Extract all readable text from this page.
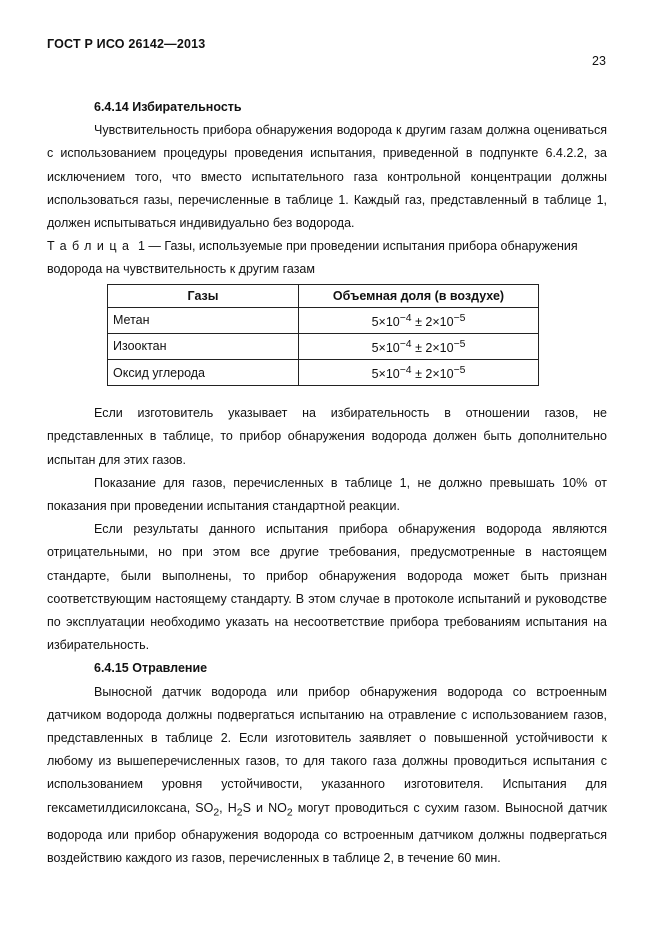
ГОСТ Р ИСО 26142—2013
23
6.4.14 Избирательность

Чувствительность прибора обнаружения водорода к другим газам должна оцениваться с использованием процедуры проведения испытания, приведенной в подпункте 6.4.2.2, за исключением того, что вместо испытательного газа контрольной концентрации должны использоваться газы, перечисленные в таблице 1. Каждый газ, представленный в таблице 1, должен испытываться индивидуально без водорода.

Таблица 1 — Газы, используемые при проведении испытания прибора обнаружения водорода на чувствительность к другим газам

Газы	Объемная доля (в воздухе)
Метан	$5\times 10^{-4} \pm 2\times 10^{-5}$
Изооктан	$5\times 10^{-4} \pm 2\times 10^{-5}$
Оксид углерода	$5\times 10^{-4} \pm 2\times 10^{-5}$

Если изготовитель указывает на избирательность в отношении газов, не представленных в таблице, то прибор обнаружения водорода должен быть дополнительно испытан для этих газов.

Показание для газов, перечисленных в таблице 1, не должно превышать 10% от показания при проведении испытания стандартной реакции.

Если результаты данного испытания прибора обнаружения водорода являются отрицательными, но при этом все другие требования, предусмотренные в настоящем стандарте, были выполнены, то прибор обнаружения водорода может быть признан соответствующим настоящему стандарту. В этом случае в протоколе испытаний и руководстве по эксплуатации необходимо указать на несоответствие прибора требованиям испытания на избирательность.

6.4.15 Отравление

Выносной датчик водорода или прибор обнаружения водорода со встроенным датчиком водорода должны подвергаться испытанию на отравление с использованием газов, представленных в таблице 2. Если изготовитель заявляет о повышенной устойчивости к любому из вышеперечисленных газов, то для такого газа должны проводиться испытания с использованием уровня устойчивости, указанного изготовителя. Испытания для гексаметилдисилоксана, $SO_2$, $H_2S$ и $NO_2$ могут проводиться с сухим газом. Выносной датчик водорода или прибор обнаружения водорода со встроенным датчиком должны подвергаться воздействию каждого из газов, перечисленных в таблице 2, в течение 60 мин.
